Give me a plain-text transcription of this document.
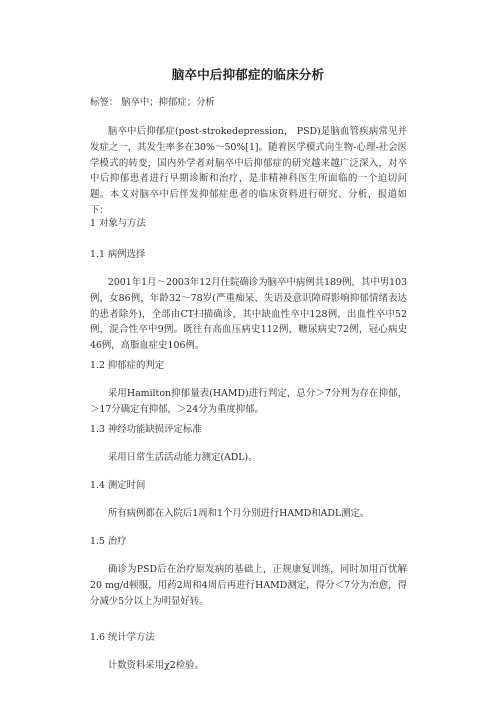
脑卒中后抑郁症的临床分析

标签： 脑卒中；抑郁症；分析

脑卒中后抑郁症(post-strokedepression， PSD)是脑血管疾病常见并发症之一，其发生率多在30%～50%[1]。随着医学模式向生物-心理-社会医学模式的转变，国内外学者对脑卒中后抑郁症的研究越来越广泛深入，对卒中后抑郁患者进行早期诊断和治疗，是非精神科医生所面临的一个迫切问题。本文对脑卒中后伴发抑郁症患者的临床资料进行研究、分析，报道如下：

1 对象与方法

1.1 病例选择

2001年1月～2003年12月住院确诊为脑卒中病例共189例，其中男103例，女86例，年龄32～78岁(严重痴呆、失语及意识障碍影响抑郁情绪表达的患者除外)，全部由CT扫描确诊，其中缺血性卒中128例，出血性卒中52例，混合性卒中9例。既往有高血压病史112例，糖尿病史72例，冠心病史46例，高脂血症史106例。

1.2 抑郁症的判定

采用Hamilton抑郁量表(HAMD)进行判定，总分＞7分判为存在抑郁，＞17分确定有抑郁，＞24分为重度抑郁。

1.3 神经功能缺损评定标准

采用日常生活活动能力测定(ADL)。

1.4 测定时间

所有病例都在入院后1周和1个月分别进行HAMD和ADL测定。

1.5 治疗

确诊为PSD后在治疗原发病的基础上，正规康复训练，同时加用百忧解20 mg/d顿服，用药2周和4周后再进行HAMD测定，得分＜7分为治愈，得分减少5分以上为明显好转。

1.6 统计学方法

计数资料采用χ2检验。
